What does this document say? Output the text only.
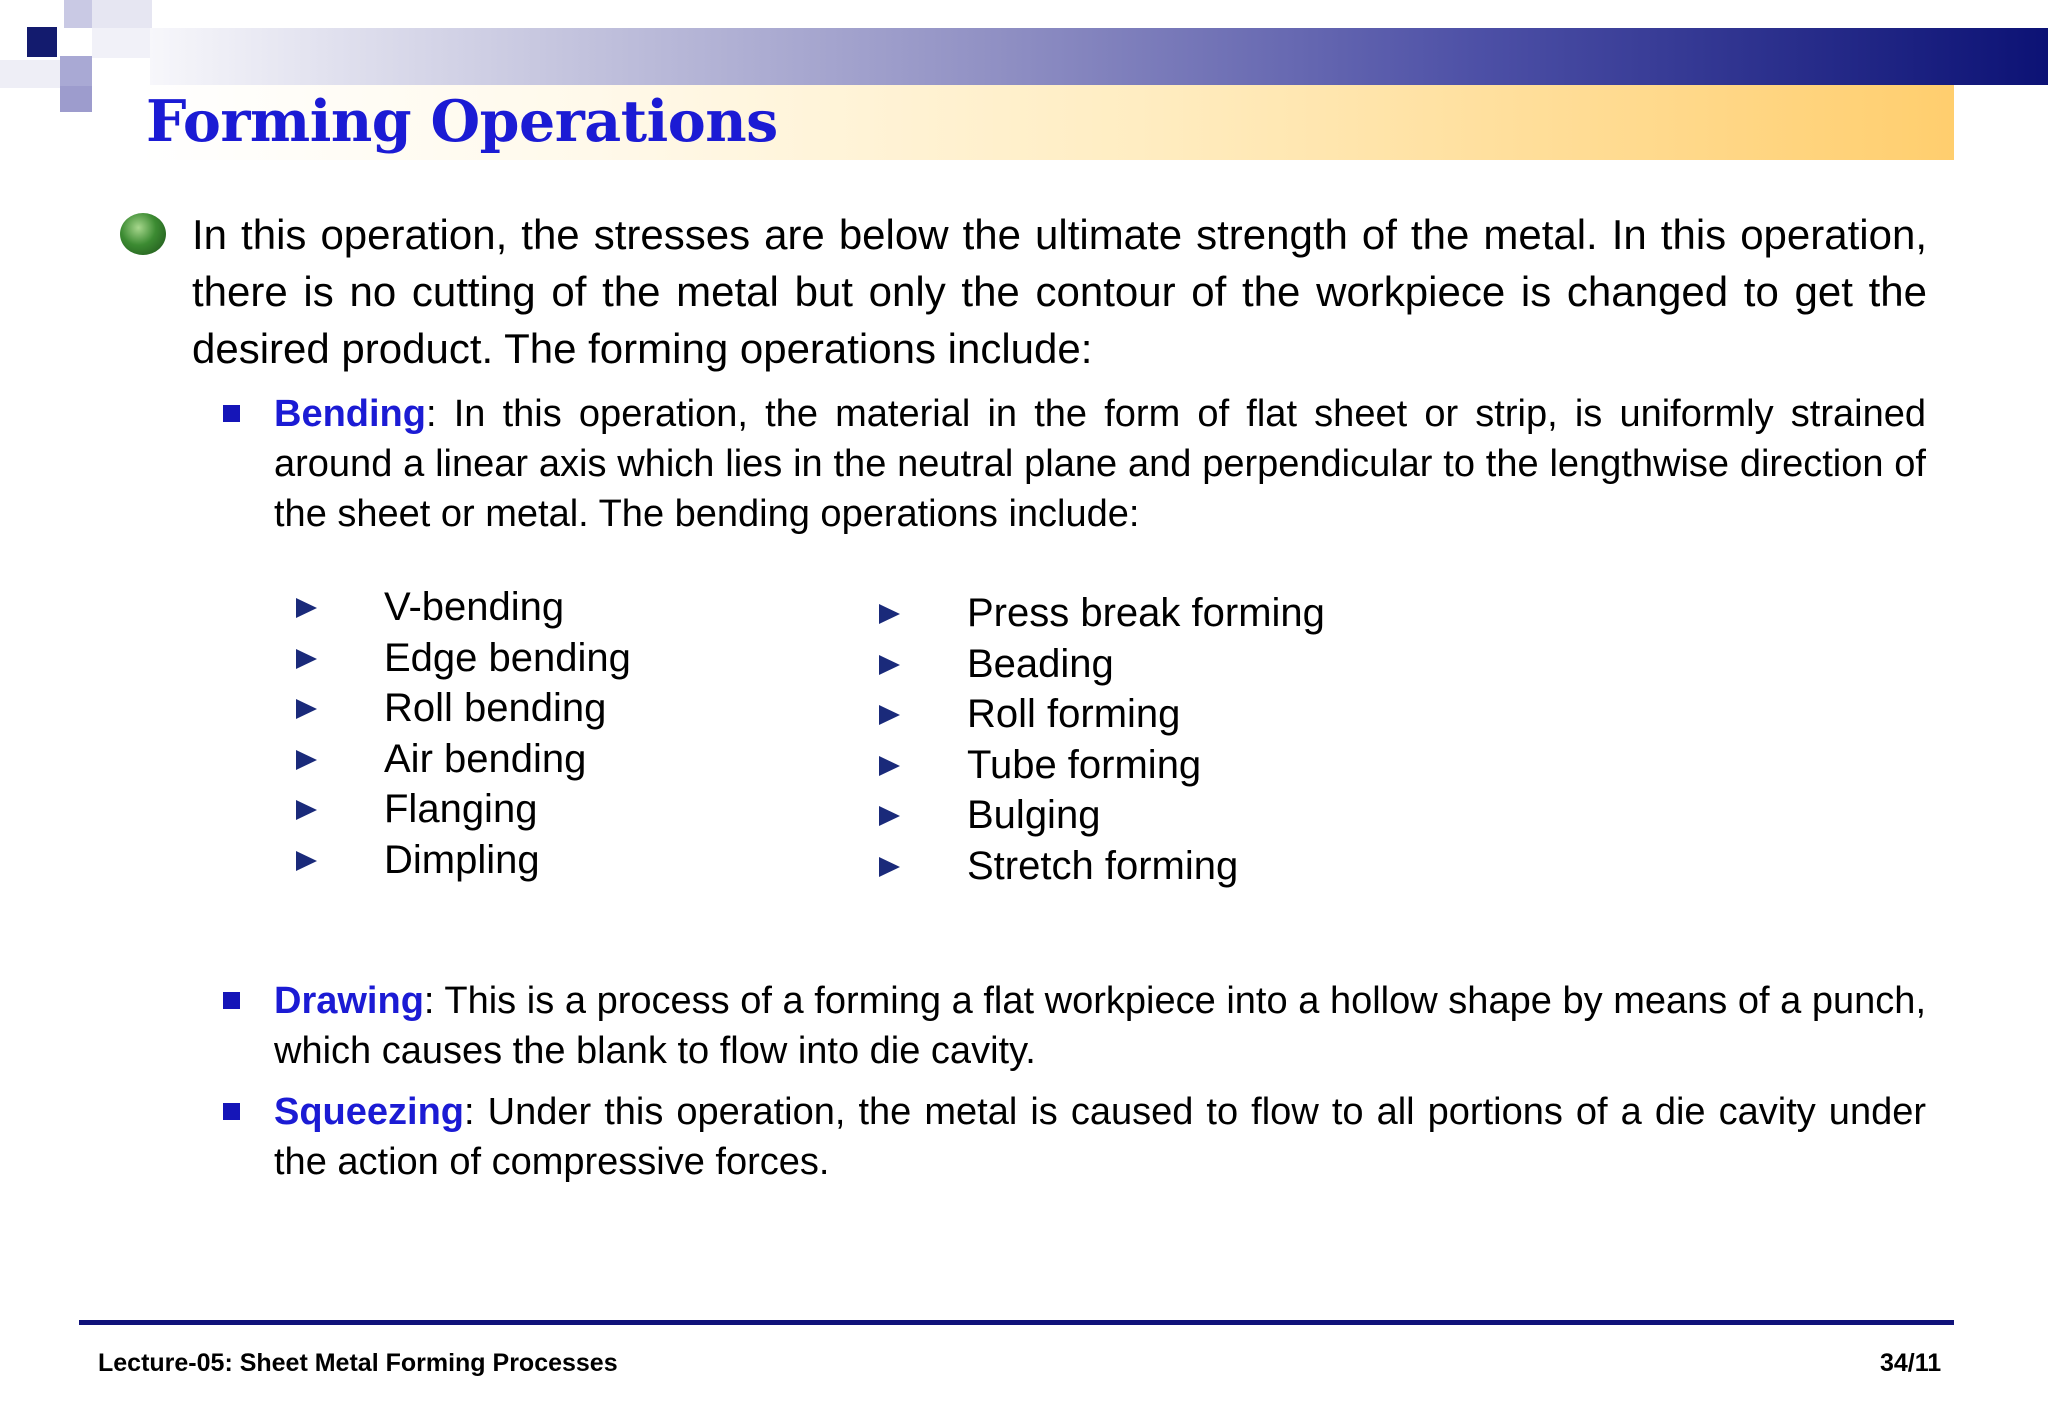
Forming Operations

In this operation, the stresses are below the ultimate strength of the metal. In this operation, there is no cutting of the metal but only the contour of the workpiece is changed to get the desired product. The forming operations include:

Bending: In this operation, the material in the form of flat sheet or strip, is uniformly strained around a linear axis which lies in the neutral plane and perpendicular to the lengthwise direction of the sheet or metal. The bending operations include:

V-bending
Edge bending
Roll bending
Air bending
Flanging
Dimpling
Press break forming
Beading
Roll forming
Tube forming
Bulging
Stretch forming

Drawing: This is a process of a forming a flat workpiece into a hollow shape by means of a punch, which causes the blank to flow into die cavity.

Squeezing: Under this operation, the metal is caused to flow to all portions of a die cavity under the action of compressive forces.

Lecture-05: Sheet Metal Forming Processes	34/11
